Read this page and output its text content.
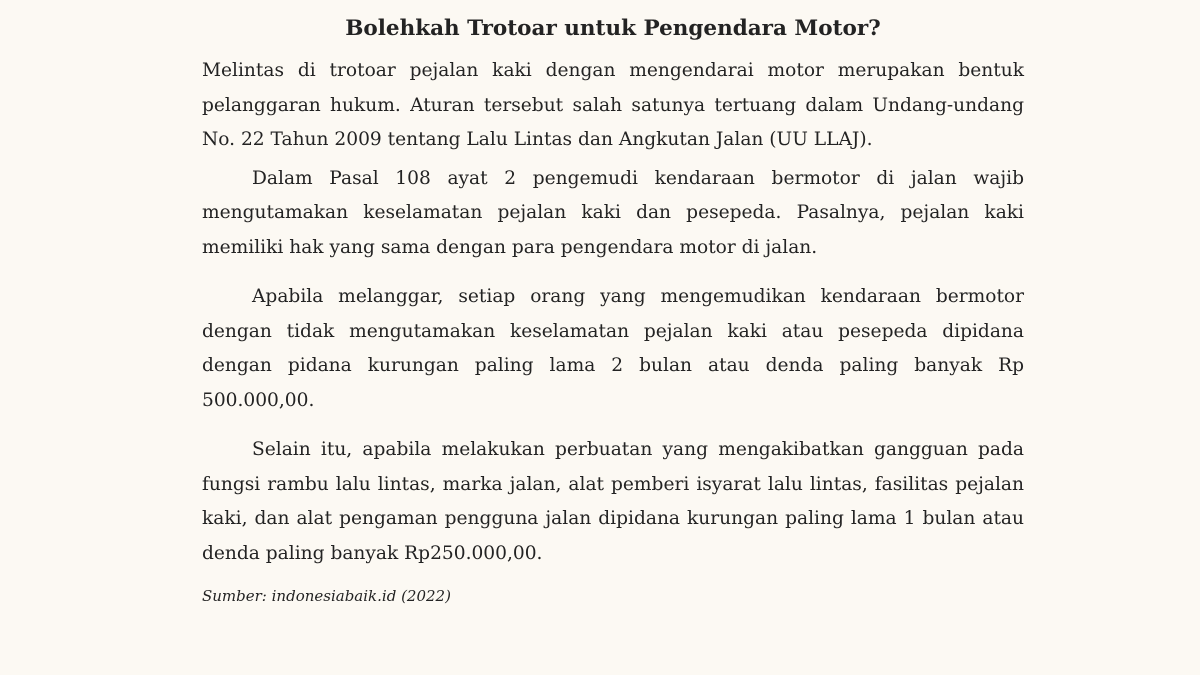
Bolehkah Trotoar untuk Pengendara Motor?

Melintas di trotoar pejalan kaki dengan mengendarai motor merupakan bentuk pelanggaran hukum. Aturan tersebut salah satunya tertuang dalam Undang-undang No. 22 Tahun 2009 tentang Lalu Lintas dan Angkutan Jalan (UU LLAJ).

Dalam Pasal 108 ayat 2 pengemudi kendaraan bermotor di jalan wajib mengutamakan keselamatan pejalan kaki dan pesepeda. Pasalnya, pejalan kaki memiliki hak yang sama dengan para pengendara motor di jalan.

Apabila melanggar, setiap orang yang mengemudikan kendaraan bermotor dengan tidak mengutamakan keselamatan pejalan kaki atau pesepeda dipidana dengan pidana kurungan paling lama 2 bulan atau denda paling banyak Rp 500.000,00.

Selain itu, apabila melakukan perbuatan yang mengakibatkan gangguan pada fungsi rambu lalu lintas, marka jalan, alat pemberi isyarat lalu lintas, fasilitas pejalan kaki, dan alat pengaman pengguna jalan dipidana kurungan paling lama 1 bulan atau denda paling banyak Rp250.000,00.

Sumber: indonesiabaik.id (2022)
